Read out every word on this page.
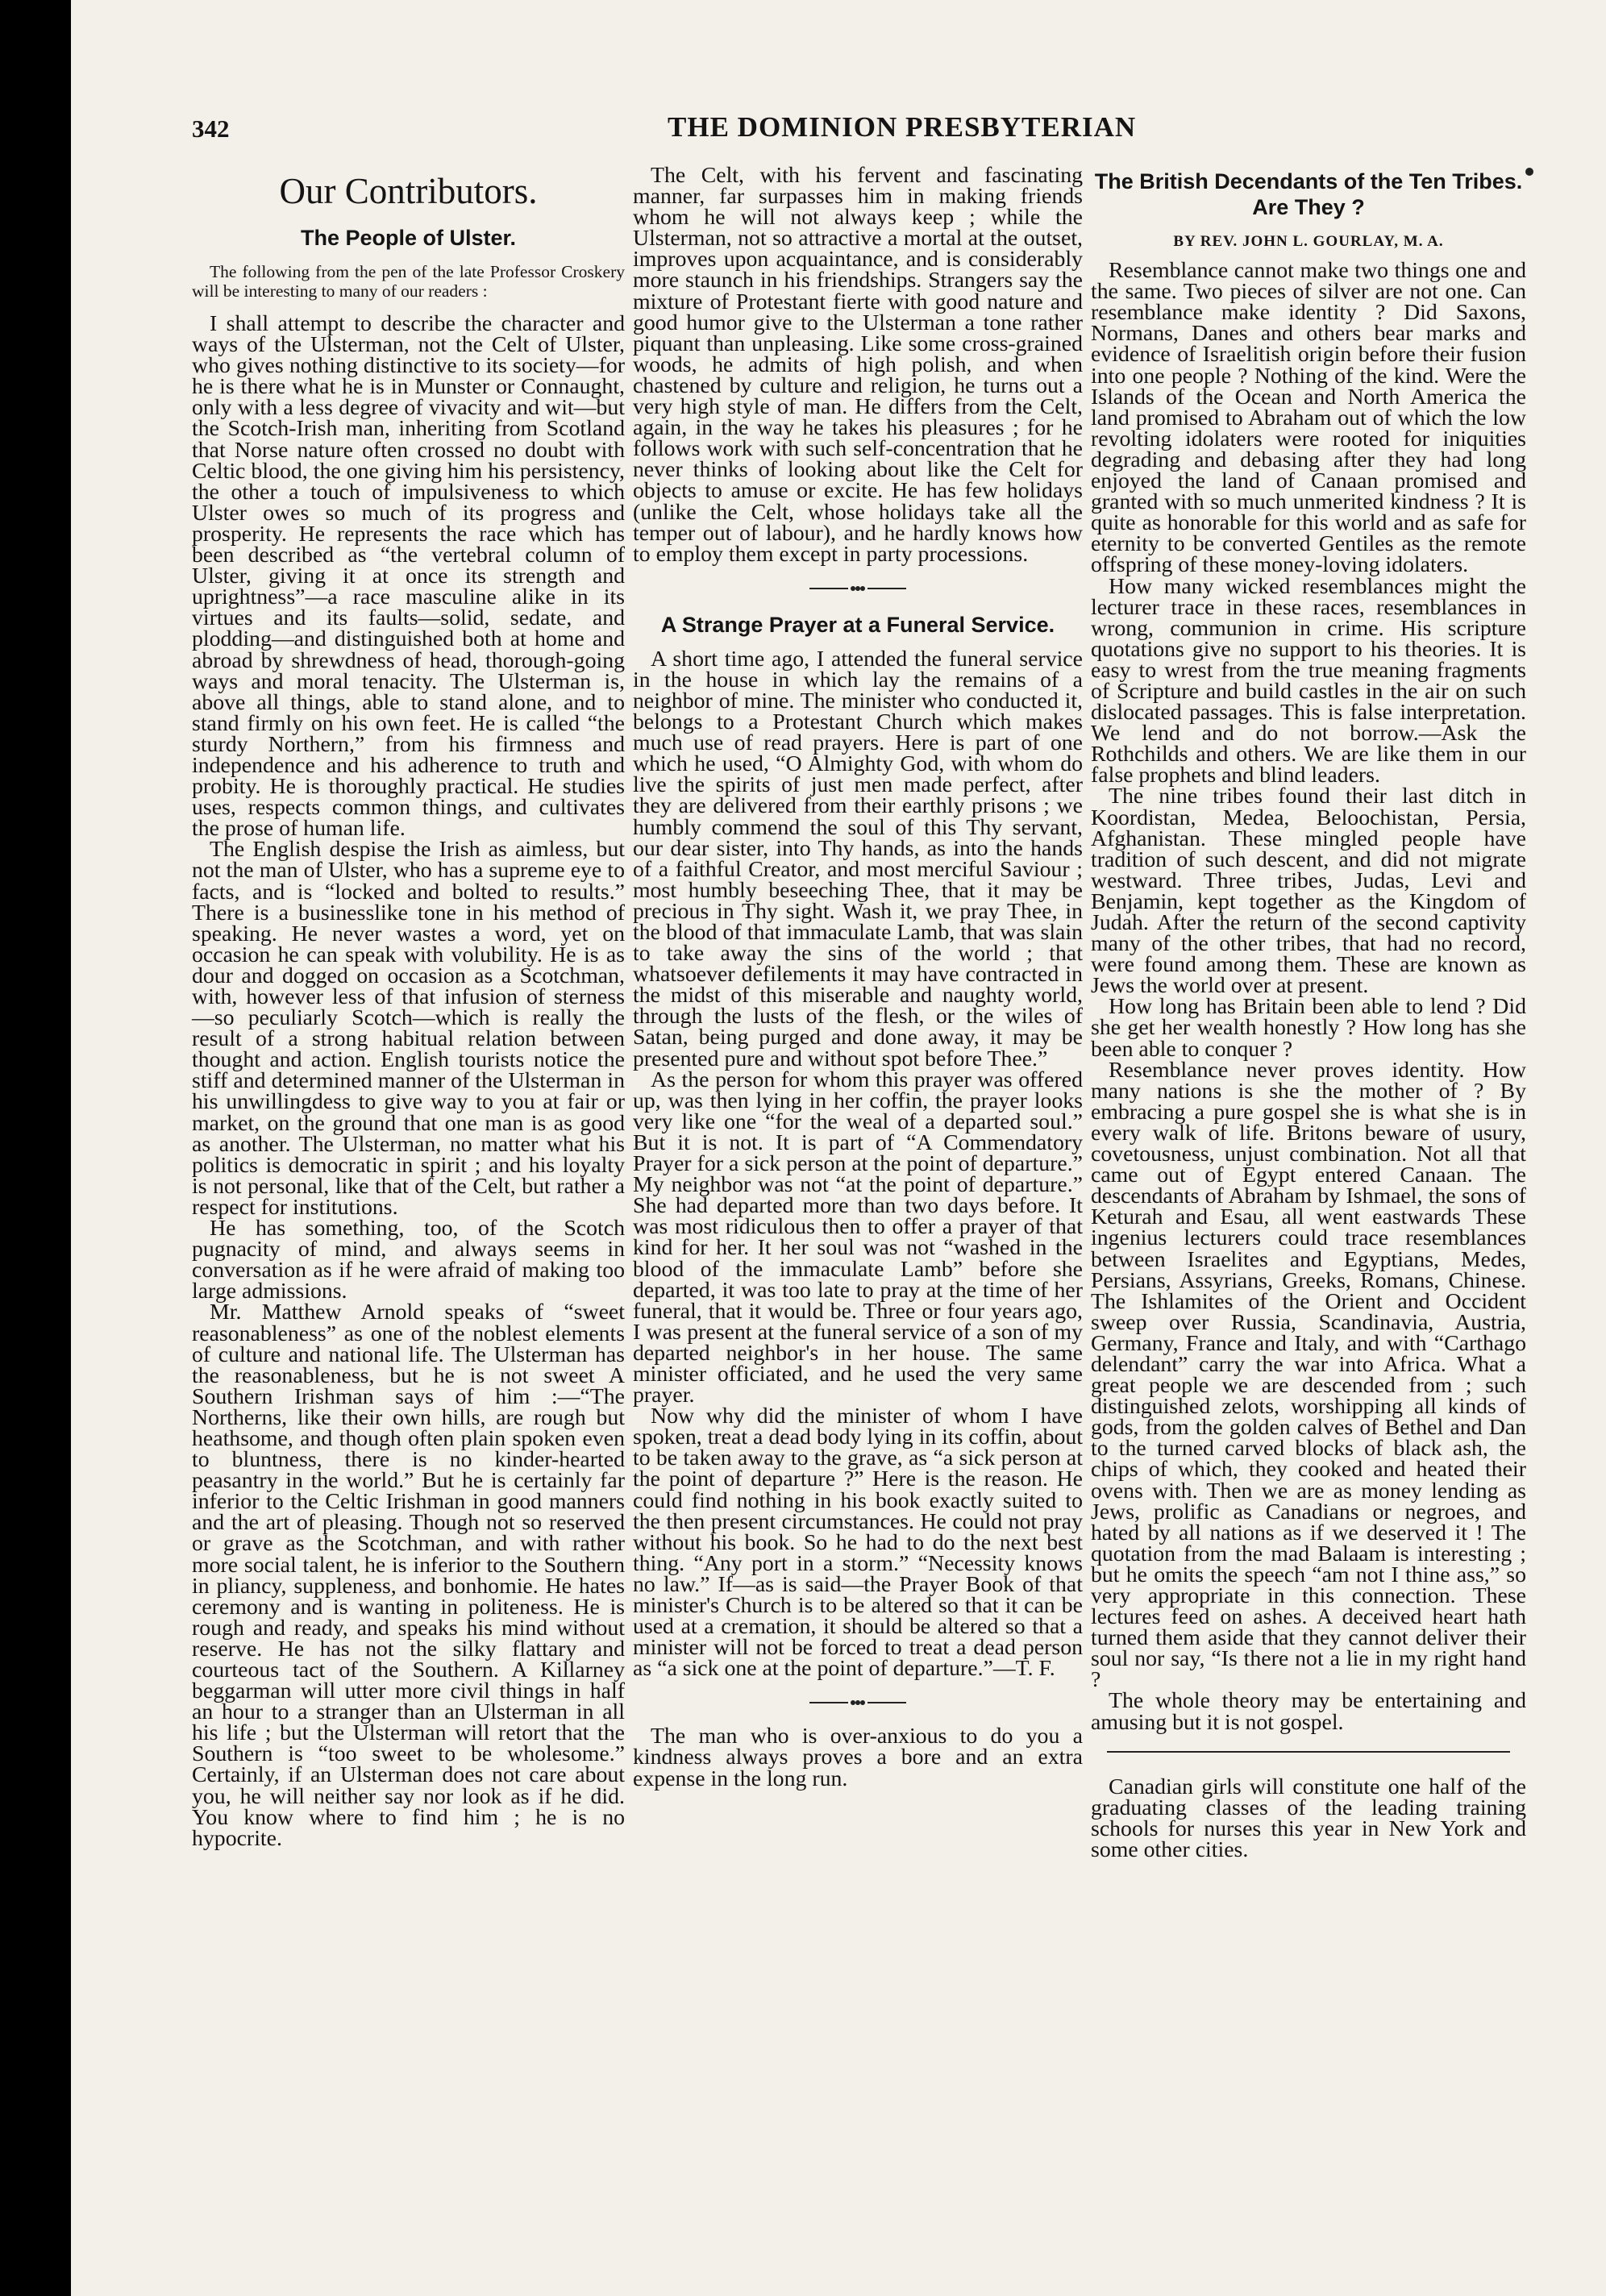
342	THE DOMINION PRESBYTERIAN
Our Contributors.
The People of Ulster.

The following from the pen of the late Professor Croskery will be interesting to many of our readers :

I shall attempt to describe the character and ways of the Ulsterman, not the Celt of Ulster, who gives nothing distinctive to its society—for he is there what he is in Munster or Connaught, only with a less degree of vivacity and wit—but the Scotch-Irish man, inheriting from Scotland that Norse nature often crossed no doubt with Celtic blood, the one giving him his persistency, the other a touch of impulsiveness to which Ulster owes so much of its progress and prosperity. He represents the race which has been described as “the vertebral column of Ulster, giving it at once its strength and uprightness”—a race masculine alike in its virtues and its faults—solid, sedate, and plodding—and distinguished both at home and abroad by shrewdness of head, thorough-going ways and moral tenacity. The Ulsterman is, above all things, able to stand alone, and to stand firmly on his own feet. He is called “the sturdy Northern,” from his firmness and independence and his adherence to truth and probity. He is thoroughly practical. He studies uses, respects common things, and cultivates the prose of human life.

The English despise the Irish as aimless, but not the man of Ulster, who has a supreme eye to facts, and is “locked and bolted to results.” There is a businesslike tone in his method of speaking. He never wastes a word, yet on occasion he can speak with volubility. He is as dour and dogged on occasion as a Scotchman, with, however less of that infusion of sterness—so peculiarly Scotch—which is really the result of a strong habitual relation between thought and action. English tourists notice the stiff and determined manner of the Ulsterman in his unwillingdess to give way to you at fair or market, on the ground that one man is as good as another. The Ulsterman, no matter what his politics is democratic in spirit ; and his loyalty is not personal, like that of the Celt, but rather a respect for institutions.

He has something, too, of the Scotch pugnacity of mind, and always seems in conversation as if he were afraid of making too large admissions.

Mr. Matthew Arnold speaks of “sweet reasonableness” as one of the noblest elements of culture and national life. The Ulsterman has the reasonableness, but he is not sweet A Southern Irishman says of him :—“The Northerns, like their own hills, are rough but heathsome, and though often plain spoken even to bluntness, there is no kinder-hearted peasantry in the world.” But he is certainly far inferior to the Celtic Irishman in good manners and the art of pleasing. Though not so reserved or grave as the Scotchman, and with rather more social talent, he is inferior to the Southern in pliancy, suppleness, and bonhomie. He hates ceremony and is wanting in politeness. He is rough and ready, and speaks his mind without reserve. He has not the silky flattary and courteous tact of the Southern. A Killarney beggarman will utter more civil things in half an hour to a stranger than an Ulsterman in all his life ; but the Ulsterman will retort that the Southern is “too sweet to be wholesome.” Certainly, if an Ulsterman does not care about you, he will neither say nor look as if he did. You know where to find him ; he is no hypocrite.

The Celt, with his fervent and fascinating manner, far surpasses him in making friends whom he will not always keep ; while the Ulsterman, not so attractive a mortal at the outset, improves upon acquaintance, and is considerably more staunch in his friendships. Strangers say the mixture of Protestant fierte with good nature and good humor give to the Ulsterman a tone rather piquant than unpleasing. Like some cross-grained woods, he admits of high polish, and when chastened by culture and religion, he turns out a very high style of man. He differs from the Celt, again, in the way he takes his pleasures ; for he follows work with such self-concentration that he never thinks of looking about like the Celt for objects to amuse or excite. He has few holidays (unlike the Celt, whose holidays take all the temper out of labour), and he hardly knows how to employ them except in party processions.

A Strange Prayer at a Funeral Service.

A short time ago, I attended the funeral service in the house in which lay the remains of a neighbor of mine. The minister who conducted it, belongs to a Protestant Church which makes much use of read prayers. Here is part of one which he used, “O Almighty God, with whom do live the spirits of just men made perfect, after they are delivered from their earthly prisons ; we humbly commend the soul of this Thy servant, our dear sister, into Thy hands, as into the hands of a faithful Creator, and most merciful Saviour ; most humbly beseeching Thee, that it may be precious in Thy sight. Wash it, we pray Thee, in the blood of that immaculate Lamb, that was slain to take away the sins of the world ; that whatsoever defilements it may have contracted in the midst of this miserable and naughty world, through the lusts of the flesh, or the wiles of Satan, being purged and done away, it may be presented pure and without spot before Thee.”

As the person for whom this prayer was offered up, was then lying in her coffin, the prayer looks very like one “for the weal of a departed soul.” But it is not. It is part of “A Commendatory Prayer for a sick person at the point of departure.” My neighbor was not “at the point of departure.” She had departed more than two days before. It was most ridiculous then to offer a prayer of that kind for her. It her soul was not “washed in the blood of the immaculate Lamb” before she departed, it was too late to pray at the time of her funeral, that it would be. Three or four years ago, I was present at the funeral service of a son of my departed neighbor's in her house. The same minister officiated, and he used the very same prayer.

Now why did the minister of whom I have spoken, treat a dead body lying in its coffin, about to be taken away to the grave, as “a sick person at the point of departure ?” Here is the reason. He could find nothing in his book exactly suited to the then present circumstances. He could not pray without his book. So he had to do the next best thing. “Any port in a storm.” “Necessity knows no law.” If—as is said—the Prayer Book of that minister's Church is to be altered so that it can be used at a cremation, it should be altered so that a minister will not be forced to treat a dead person as “a sick one at the point of departure.”—T. F.

The man who is over-anxious to do you a kindness always proves a bore and an extra expense in the long run.

The British Decendants of the Ten Tribes. Are They ?
BY REV. JOHN L. GOURLAY, M. A.

Resemblance cannot make two things one and the same. Two pieces of silver are not one. Can resemblance make identity ? Did Saxons, Normans, Danes and others bear marks and evidence of Israelitish origin before their fusion into one people ? Nothing of the kind. Were the Islands of the Ocean and North America the land promised to Abraham out of which the low revolting idolaters were rooted for iniquities degrading and debasing after they had long enjoyed the land of Canaan promised and granted with so much unmerited kindness ? It is quite as honorable for this world and as safe for eternity to be converted Gentiles as the remote offspring of these money-loving idolaters.

How many wicked resemblances might the lecturer trace in these races, resemblances in wrong, communion in crime. His scripture quotations give no support to his theories. It is easy to wrest from the true meaning fragments of Scripture and build castles in the air on such dislocated passages. This is false interpretation. We lend and do not borrow.—Ask the Rothchilds and others. We are like them in our false prophets and blind leaders.

The nine tribes found their last ditch in Koordistan, Medea, Beloochistan, Persia, Afghanistan. These mingled people have tradition of such descent, and did not migrate westward. Three tribes, Judas, Levi and Benjamin, kept together as the Kingdom of Judah. After the return of the second captivity many of the other tribes, that had no record, were found among them. These are known as Jews the world over at present.

How long has Britain been able to lend ? Did she get her wealth honestly ? How long has she been able to conquer ?

Resemblance never proves identity. How many nations is she the mother of ? By embracing a pure gospel she is what she is in every walk of life. Britons beware of usury, covetousness, unjust combination. Not all that came out of Egypt entered Canaan. The descendants of Abraham by Ishmael, the sons of Keturah and Esau, all went eastwards These ingenius lecturers could trace resemblances between Israelites and Egyptians, Medes, Persians, Assyrians, Greeks, Romans, Chinese. The Ishlamites of the Orient and Occident sweep over Russia, Scandinavia, Austria, Germany, France and Italy, and with “Carthago delendant” carry the war into Africa. What a great people we are descended from ; such distinguished zelots, worshipping all kinds of gods, from the golden calves of Bethel and Dan to the turned carved blocks of black ash, the chips of which, they cooked and heated their ovens with. Then we are as money lending as Jews, prolific as Canadians or negroes, and hated by all nations as if we deserved it ! The quotation from the mad Balaam is interesting ; but he omits the speech “am not I thine ass,” so very appropriate in this connection. These lectures feed on ashes. A deceived heart hath turned them aside that they cannot deliver their soul nor say, “Is there not a lie in my right hand ?

The whole theory may be entertaining and amusing but it is not gospel.

Canadian girls will constitute one half of the graduating classes of the leading training schools for nurses this year in New York and some other cities.
